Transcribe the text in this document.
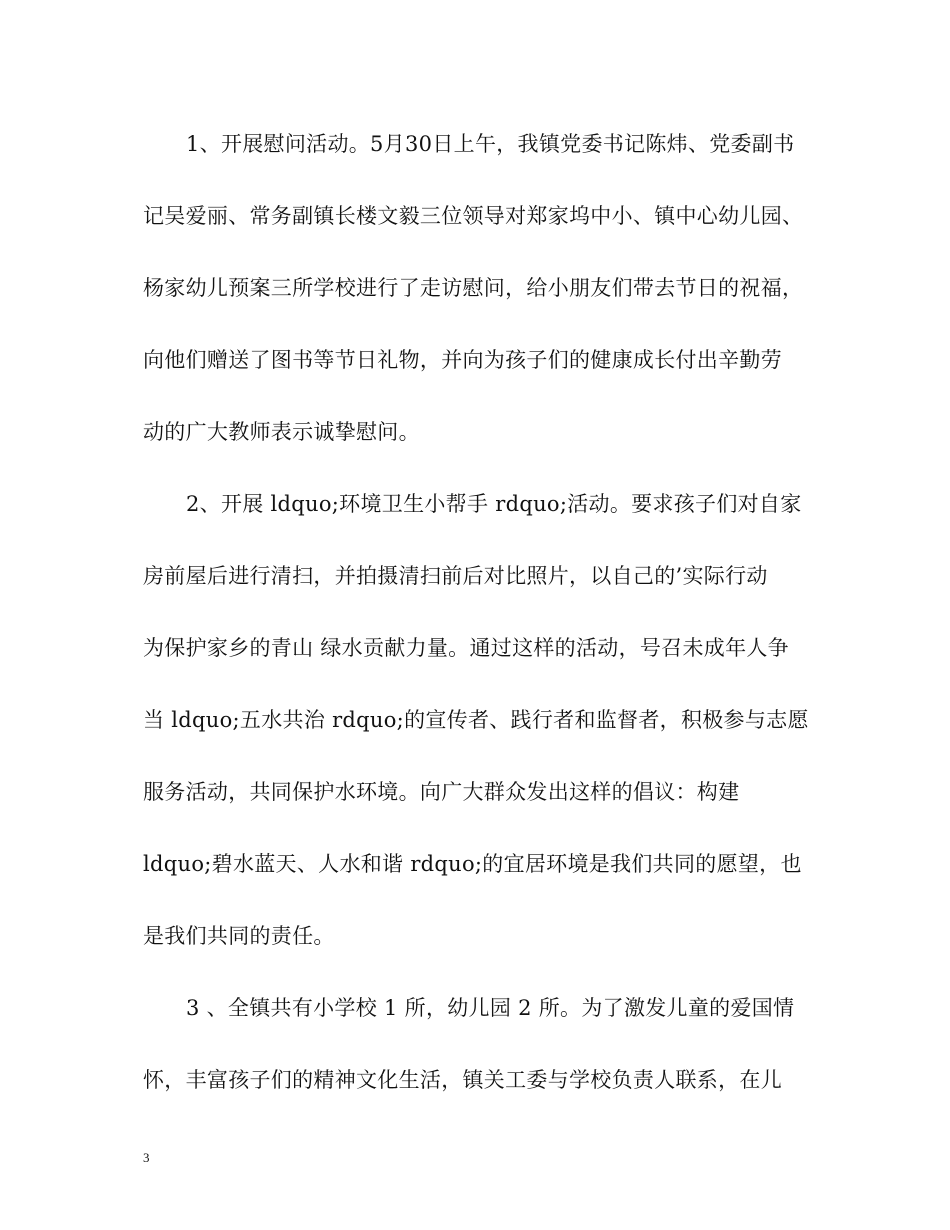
1、开展慰问活动。5月30日上午，我镇党委书记陈炜、党委副书
记吴爱丽、常务副镇长楼文毅三位领导对郑家坞中小、镇中心幼儿园、
杨家幼儿预案三所学校进行了走访慰问，给小朋友们带去节日的祝福，
向他们赠送了图书等节日礼物，并向为孩子们的健康成长付出辛勤劳
动的广大教师表示诚挚慰问。
2、开展 ldquo;环境卫生小帮手 rdquo;活动。要求孩子们对自家
房前屋后进行清扫，并拍摄清扫前后对比照片，以自己的’实际行动
为保护家乡的青山 绿水贡献力量。通过这样的活动，号召未成年人争
当 ldquo;五水共治 rdquo;的宣传者、践行者和监督者，积极参与志愿
服务活动，共同保护水环境。向广大群众发出这样的倡议：构建
ldquo;碧水蓝天、人水和谐 rdquo;的宜居环境是我们共同的愿望，也
是我们共同的责任。
3 、全镇共有小学校 1 所，幼儿园 2 所。为了激发儿童的爱国情
怀，丰富孩子们的精神文化生活，镇关工委与学校负责人联系，在儿
3
